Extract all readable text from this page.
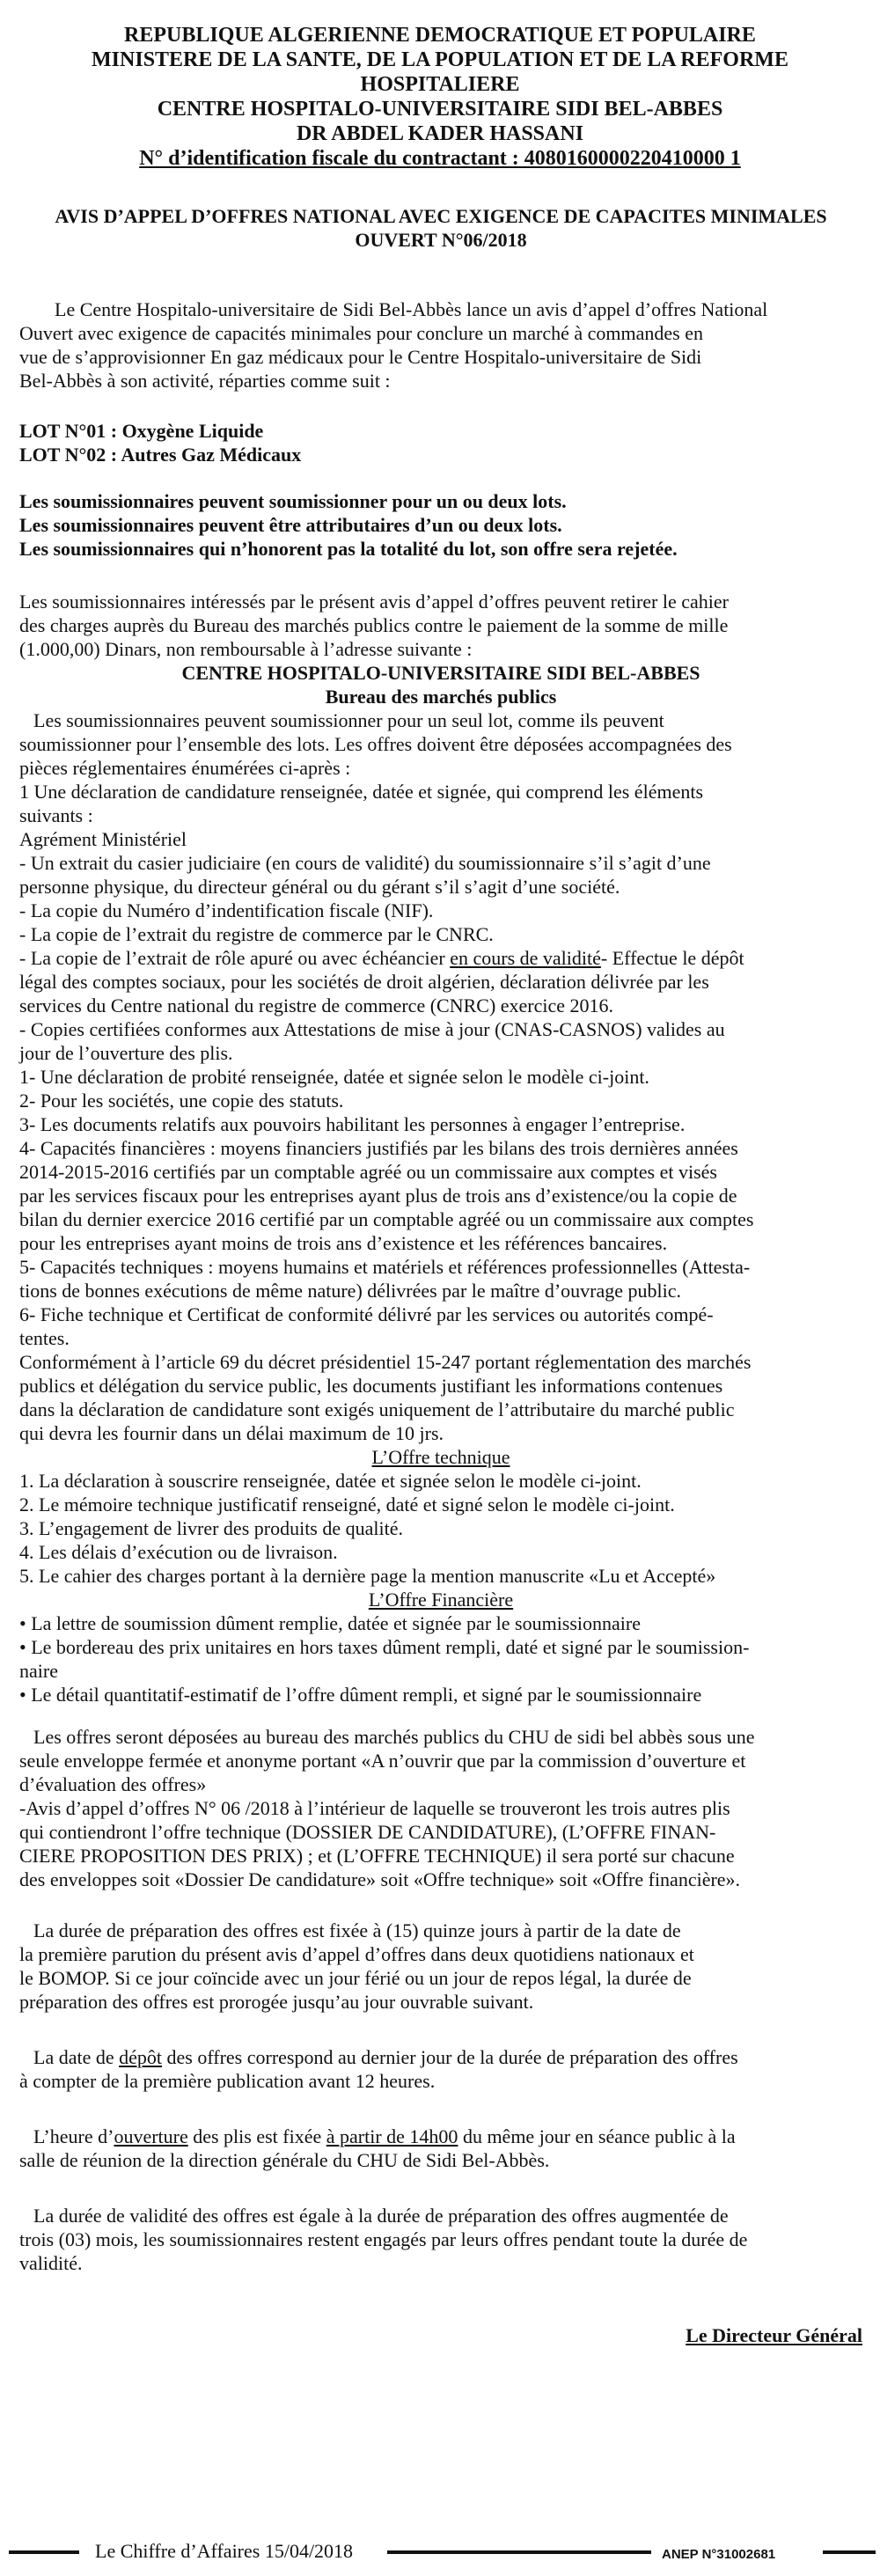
REPUBLIQUE ALGERIENNE DEMOCRATIQUE ET POPULAIRE
MINISTERE DE LA SANTE, DE LA POPULATION ET DE LA REFORME
HOSPITALIERE
CENTRE HOSPITALO-UNIVERSITAIRE SIDI BEL-ABBES
DR ABDEL KADER HASSANI
N° d’identification fiscale du contractant : 4080160000220410000 1
AVIS D’APPEL D’OFFRES NATIONAL AVEC EXIGENCE DE CAPACITES MINIMALES
OUVERT N°06/2018
Le Centre Hospitalo-universitaire de Sidi Bel-Abbès lance un avis d’appel d’offres National
Ouvert avec exigence de capacités minimales pour conclure un marché à commandes en
vue de s’approvisionner En gaz médicaux pour le Centre Hospitalo-universitaire de Sidi
Bel-Abbès à son activité, réparties comme suit :
LOT N°01 : Oxygène Liquide
LOT N°02 : Autres Gaz Médicaux
Les soumissionnaires peuvent soumissionner pour un ou deux lots.
Les soumissionnaires peuvent être attributaires d’un ou deux lots.
Les soumissionnaires qui n’honorent pas la totalité du lot, son offre sera rejetée.
Les soumissionnaires intéressés par le présent avis d’appel d’offres peuvent retirer le cahier
des charges auprès du Bureau des marchés publics contre le paiement de la somme de mille
(1.000,00) Dinars, non remboursable à l’adresse suivante :
CENTRE HOSPITALO-UNIVERSITAIRE SIDI BEL-ABBES
Bureau des marchés publics
Les soumissionnaires peuvent soumissionner pour un seul lot, comme ils peuvent
soumissionner pour l’ensemble des lots. Les offres doivent être déposées accompagnées des
pièces réglementaires énumérées ci-après :
1 Une déclaration de candidature renseignée, datée et signée, qui comprend les éléments
suivants :
Agrément Ministériel
- Un extrait du casier judiciaire (en cours de validité) du soumissionnaire s’il s’agit d’une
personne physique, du directeur général ou du gérant s’il s’agit d’une société.
- La copie du Numéro d’indentification fiscale (NIF).
- La copie de l’extrait du registre de commerce par le CNRC.
- La copie de l’extrait de rôle apuré ou avec échéancier en cours de validité- Effectue le dépôt
légal des comptes sociaux, pour les sociétés de droit algérien, déclaration délivrée par les
services du Centre national du registre de commerce (CNRC) exercice 2016.
- Copies certifiées conformes aux Attestations de mise à jour (CNAS-CASNOS) valides au
jour de l’ouverture des plis.
1- Une déclaration de probité renseignée, datée et signée selon le modèle ci-joint.
2- Pour les sociétés, une copie des statuts.
3- Les documents relatifs aux pouvoirs habilitant les personnes à engager l’entreprise.
4- Capacités financières : moyens financiers justifiés par les bilans des trois dernières années
2014-2015-2016 certifiés par un comptable agréé ou un commissaire aux comptes et visés
par les services fiscaux pour les entreprises ayant plus de trois ans d’existence/ou la copie de
bilan du dernier exercice 2016 certifié par un comptable agréé ou un commissaire aux comptes
pour les entreprises ayant moins de trois ans d’existence et les références bancaires.
5- Capacités techniques : moyens humains et matériels et références professionnelles (Attesta-
tions de bonnes exécutions de même nature) délivrées par le maître d’ouvrage public.
6- Fiche technique et Certificat de conformité délivré par les services ou autorités compé-
tentes.
Conformément à l’article 69 du décret présidentiel 15-247 portant réglementation des marchés
publics et délégation du service public, les documents justifiant les informations contenues
dans la déclaration de candidature sont exigés uniquement de l’attributaire du marché public
qui devra les fournir dans un délai maximum de 10 jrs.
L’Offre technique
1. La déclaration à souscrire renseignée, datée et signée selon le modèle ci-joint.
2. Le mémoire technique justificatif renseigné, daté et signé selon le modèle ci-joint.
3. L’engagement de livrer des produits de qualité.
4. Les délais d’exécution ou de livraison.
5. Le cahier des charges portant à la dernière page la mention manuscrite «Lu et Accepté»
L’Offre Financière
• La lettre de soumission dûment remplie, datée et signée par le soumissionnaire
• Le bordereau des prix unitaires en hors taxes dûment rempli, daté et signé par le soumission-
naire
• Le détail quantitatif-estimatif de l’offre dûment rempli, et signé par le soumissionnaire
Les offres seront déposées au bureau des marchés publics du CHU de sidi bel abbès sous une
seule enveloppe fermée et anonyme portant «A n’ouvrir que par la commission d’ouverture et
d’évaluation des offres»
-Avis d’appel d’offres N° 06 /2018 à l’intérieur de laquelle se trouveront les trois autres plis
qui contiendront l’offre technique (DOSSIER DE CANDIDATURE), (L’OFFRE FINAN-
CIERE PROPOSITION DES PRIX) ; et (L’OFFRE TECHNIQUE) il sera porté sur chacune
des enveloppes soit «Dossier De candidature» soit «Offre technique» soit «Offre financière».
La durée de préparation des offres est fixée à (15) quinze jours à partir de la date de
la première parution du présent avis d’appel d’offres dans deux quotidiens nationaux et
le BOMOP. Si ce jour coïncide avec un jour férié ou un jour de repos légal, la durée de
préparation des offres est prorogée jusqu’au jour ouvrable suivant.
La date de dépôt des offres correspond au dernier jour de la durée de préparation des offres
à compter de la première publication avant 12 heures.
L’heure d’ouverture des plis est fixée à partir de 14h00 du même jour en séance public à la
salle de réunion de la direction générale du CHU de Sidi Bel-Abbès.
La durée de validité des offres est égale à la durée de préparation des offres augmentée de
trois (03) mois, les soumissionnaires restent engagés par leurs offres pendant toute la durée de
validité.
Le Directeur Général
Le Chiffre d’Affaires 15/04/2018	ANEP N°31002681
